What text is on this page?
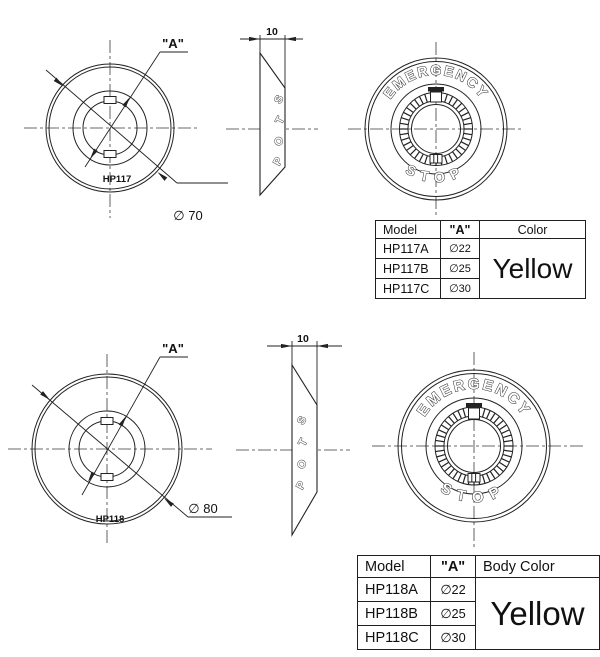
"A"
∅ 70
HP117
10
S
T
O
P
EMERGENCY
STOP
"A"
∅ 80
HP118
10
S
T
O
P
EMERGENCY
STOP
Model	"A"	Color
HP117A	∅22	Yellow
HP117B	∅25	
HP117C	∅30	
Model	"A"	Body Color
HP118A	∅22	Yellow
HP118B	∅25	
HP118C	∅30	
